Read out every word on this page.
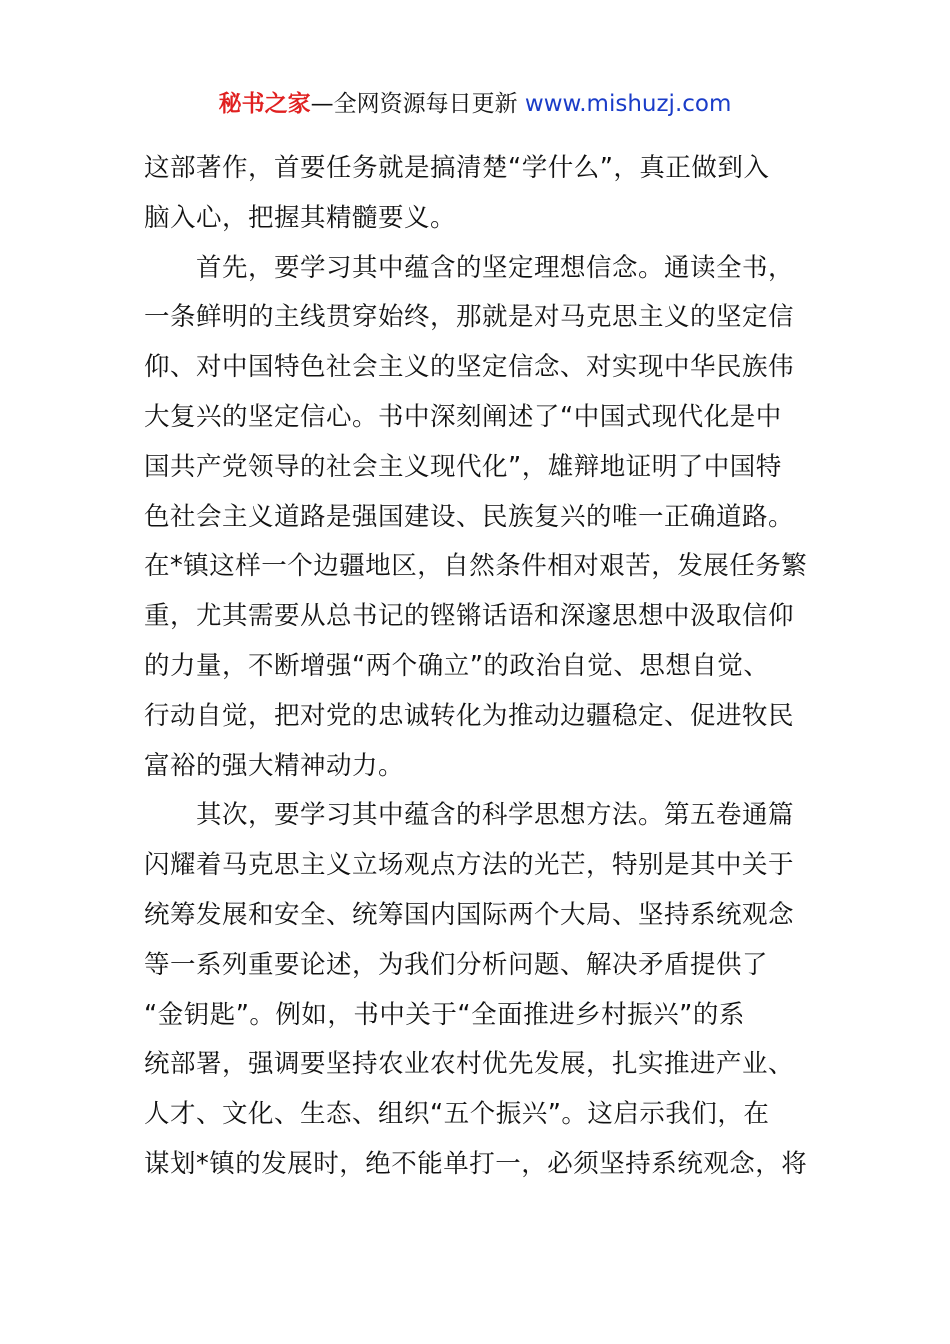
秘书之家—全网资源每日更新 www.mishuzj.com
这部著作，首要任务就是搞清楚“学什么”，真正做到入
脑入心，把握其精髓要义。
　　首先，要学习其中蕴含的坚定理想信念。通读全书，
一条鲜明的主线贯穿始终，那就是对马克思主义的坚定信
仰、对中国特色社会主义的坚定信念、对实现中华民族伟
大复兴的坚定信心。书中深刻阐述了“中国式现代化是中
国共产党领导的社会主义现代化”，雄辩地证明了中国特
色社会主义道路是强国建设、民族复兴的唯一正确道路。
在*镇这样一个边疆地区，自然条件相对艰苦，发展任务繁
重，尤其需要从总书记的铿锵话语和深邃思想中汲取信仰
的力量，不断增强“两个确立”的政治自觉、思想自觉、
行动自觉，把对党的忠诚转化为推动边疆稳定、促进牧民
富裕的强大精神动力。
　　其次，要学习其中蕴含的科学思想方法。第五卷通篇
闪耀着马克思主义立场观点方法的光芒，特别是其中关于
统筹发展和安全、统筹国内国际两个大局、坚持系统观念
等一系列重要论述，为我们分析问题、解决矛盾提供了
“金钥匙”。例如，书中关于“全面推进乡村振兴”的系
统部署，强调要坚持农业农村优先发展，扎实推进产业、
人才、文化、生态、组织“五个振兴”。这启示我们，在
谋划*镇的发展时，绝不能单打一，必须坚持系统观念，将
